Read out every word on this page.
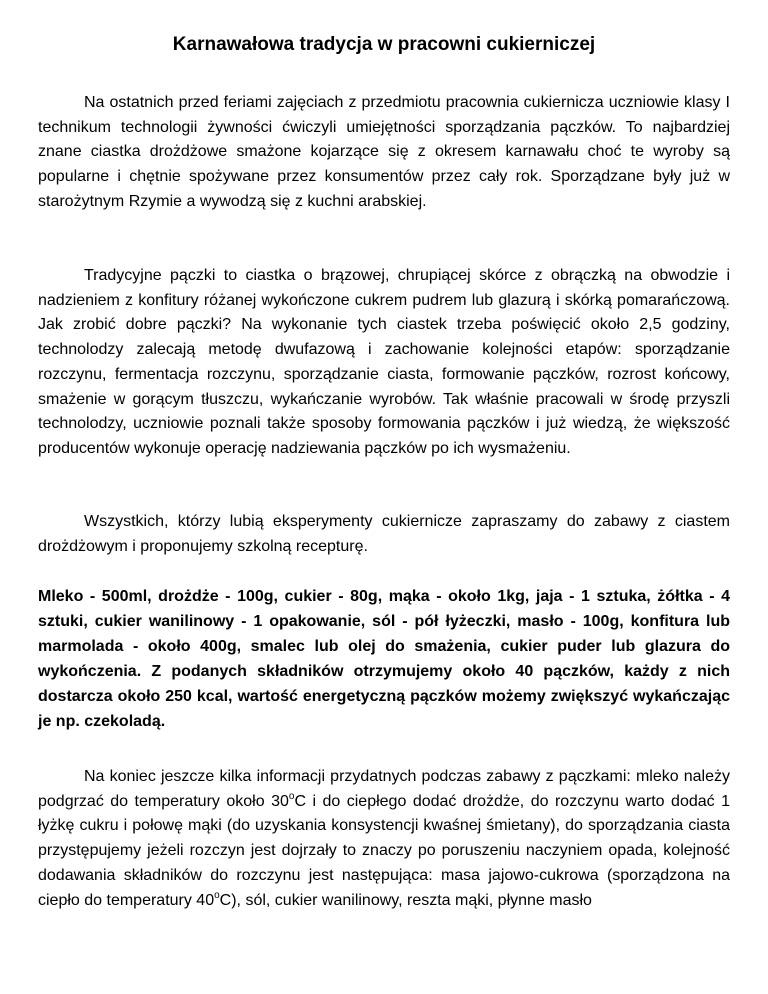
Karnawałowa tradycja w pracowni cukierniczej

Na ostatnich przed feriami zajęciach z przedmiotu pracownia cukiernicza uczniowie klasy I technikum technologii żywności ćwiczyli umiejętności sporządzania pączków. To najbardziej znane ciastka drożdżowe smażone kojarzące się z okresem karnawału choć te wyroby są popularne i chętnie spożywane przez konsumentów przez cały rok. Sporządzane były już w starożytnym Rzymie a wywodzą się z kuchni arabskiej.

Tradycyjne pączki to ciastka o brązowej, chrupiącej skórce z obrączką na obwodzie i nadzieniem z konfitury różanej wykończone cukrem pudrem lub glazurą i skórką pomarańczową. Jak zrobić dobre pączki? Na wykonanie tych ciastek trzeba poświęcić około 2,5 godziny, technolodzy zalecają metodę dwufazową i zachowanie kolejności etapów: sporządzanie rozczynu, fermentacja rozczynu, sporządzanie ciasta, formowanie pączków, rozrost końcowy, smażenie w gorącym tłuszczu, wykańczanie wyrobów. Tak właśnie pracowali w środę przyszli technolodzy, uczniowie poznali także sposoby formowania pączków i już wiedzą, że większość producentów wykonuje operację nadziewania pączków po ich wysmażeniu.

Wszystkich, którzy lubią eksperymenty cukiernicze zapraszamy do zabawy z ciastem drożdżowym i proponujemy szkolną recepturę.

Mleko - 500ml, drożdże - 100g, cukier - 80g, mąka - około 1kg, jaja - 1 sztuka, żółtka - 4 sztuki, cukier wanilinowy - 1 opakowanie, sól - pół łyżeczki, masło - 100g, konfitura lub marmolada - około 400g, smalec lub olej do smażenia, cukier puder lub glazura do wykończenia. Z podanych składników otrzymujemy około 40 pączków, każdy z nich dostarcza około 250 kcal, wartość energetyczną pączków możemy zwiększyć wykańczając je np. czekoladą.

Na koniec jeszcze kilka informacji przydatnych podczas zabawy z pączkami: mleko należy podgrzać do temperatury około 30$^o$C i do ciepłego dodać drożdże, do rozczynu warto dodać 1 łyżkę cukru i połowę mąki (do uzyskania konsystencji kwaśnej śmietany), do sporządzania ciasta przystępujemy jeżeli rozczyn jest dojrzały to znaczy po poruszeniu naczyniem opada, kolejność dodawania składników do rozczynu jest następująca: masa jajowo-cukrowa (sporządzona na ciepło do temperatury 40$^o$C), sól, cukier wanilinowy, reszta mąki, płynne masło
